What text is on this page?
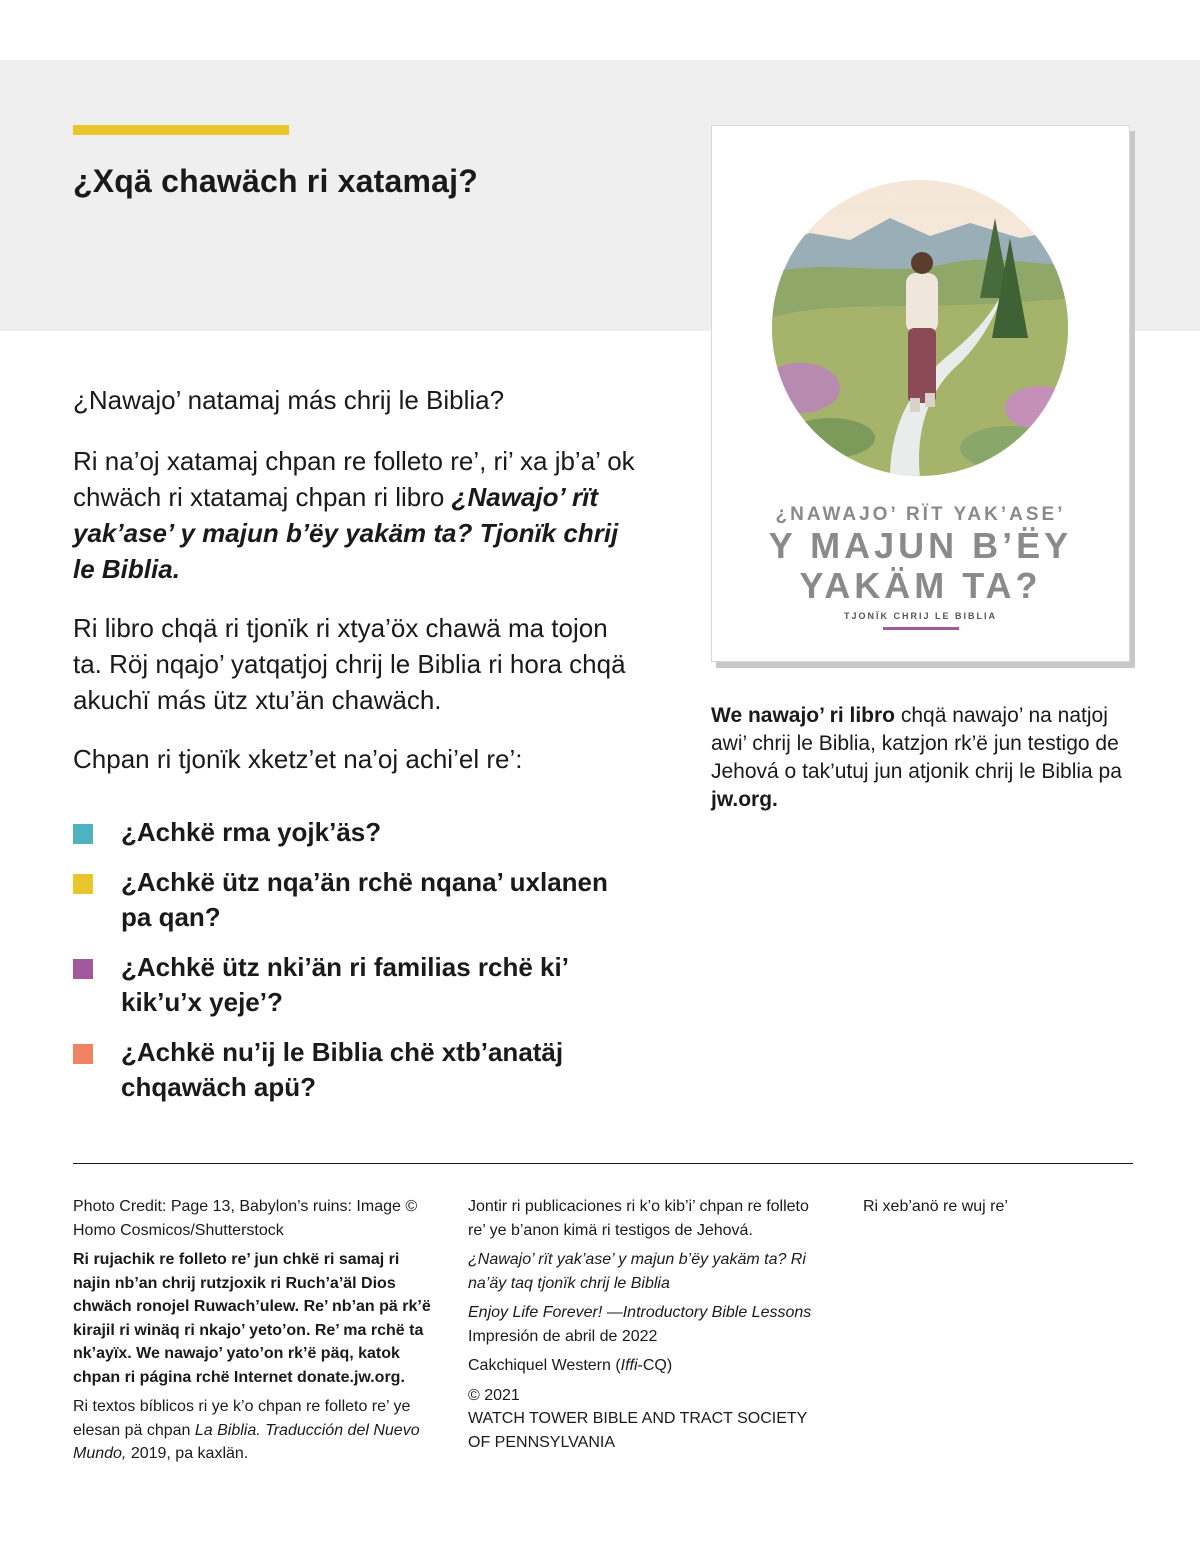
¿Xqä chawäch ri xatamaj?

¿Nawajo’ natamaj más chrij le Biblia?

Ri na’oj xatamaj chpan re folleto re’, ri’ xa jb’a’ ok chwäch ri xtatamaj chpan ri libro ¿Nawajo’ rït yak’ase’ y majun b’ëy yakäm ta? Tjonïk chrij le Biblia.

Ri libro chqä ri tjonïk ri xtya’öx chawä ma tojon ta. Röj nqajo’ yatqatjoj chrij le Biblia ri hora chqä akuchï más ütz xtu’än chawäch.

Chpan ri tjonïk xketz’et na’oj achi’el re’:

¿Achkë rma yojk’äs?
¿Achkë ütz nqa’än rchë nqana’ uxlanen pa qan?
¿Achkë ütz nki’än ri familias rchë ki’ kik’u’x yeje’?
¿Achkë nu’ij le Biblia chë xtb’anatäj chqawäch apü?
¿NAWAJO’ RÏT YAK’ASE’
Y MAJUN B’ËY
YAKÄM TA?
TJONÏK CHRIJ LE BIBLIA

We nawajo’ ri libro chqä nawajo’ na natjoj awi’ chrij le Biblia, katzjon rk’ë jun testigo de Jehová o tak’utuj jun atjonik chrij le Biblia pa jw.org.

Photo Credit: Page 13, Babylon’s ruins: Image © Homo Cosmicos/Shutterstock

Ri rujachik re folleto re’ jun chkë ri samaj ri najin nb’an chrij rutzjoxik ri Ruch’a’äl Dios chwäch ronojel Ruwach’ulew. Re’ nb’an pä rk’ë kirajil ri winäq ri nkajo’ yeto’on. Re’ ma rchë ta nk’ayïx. We nawajo’ yato’on rk’ë päq, katok chpan ri página rchë Internet donate.jw.org.

Ri textos bíblicos ri ye k’o chpan re folleto re’ ye elesan pä chpan La Biblia. Traducción del Nuevo Mundo, 2019, pa kaxlän.

Jontir ri publicaciones ri k’o kib’i’ chpan re folleto re’ ye b’anon kimä ri testigos de Jehová.

¿Nawajo’ rït yak’ase’ y majun b’ëy yakäm ta? Ri na’äy taq tjonïk chrij le Biblia

Enjoy Life Forever! —Introductory Bible Lessons

Impresión de abril de 2022

Cakchiquel Western (Iffi-CQ)

© 2021

WATCH TOWER BIBLE AND TRACT SOCIETY OF PENNSYLVANIA

Ri xeb’anö re wuj re’
